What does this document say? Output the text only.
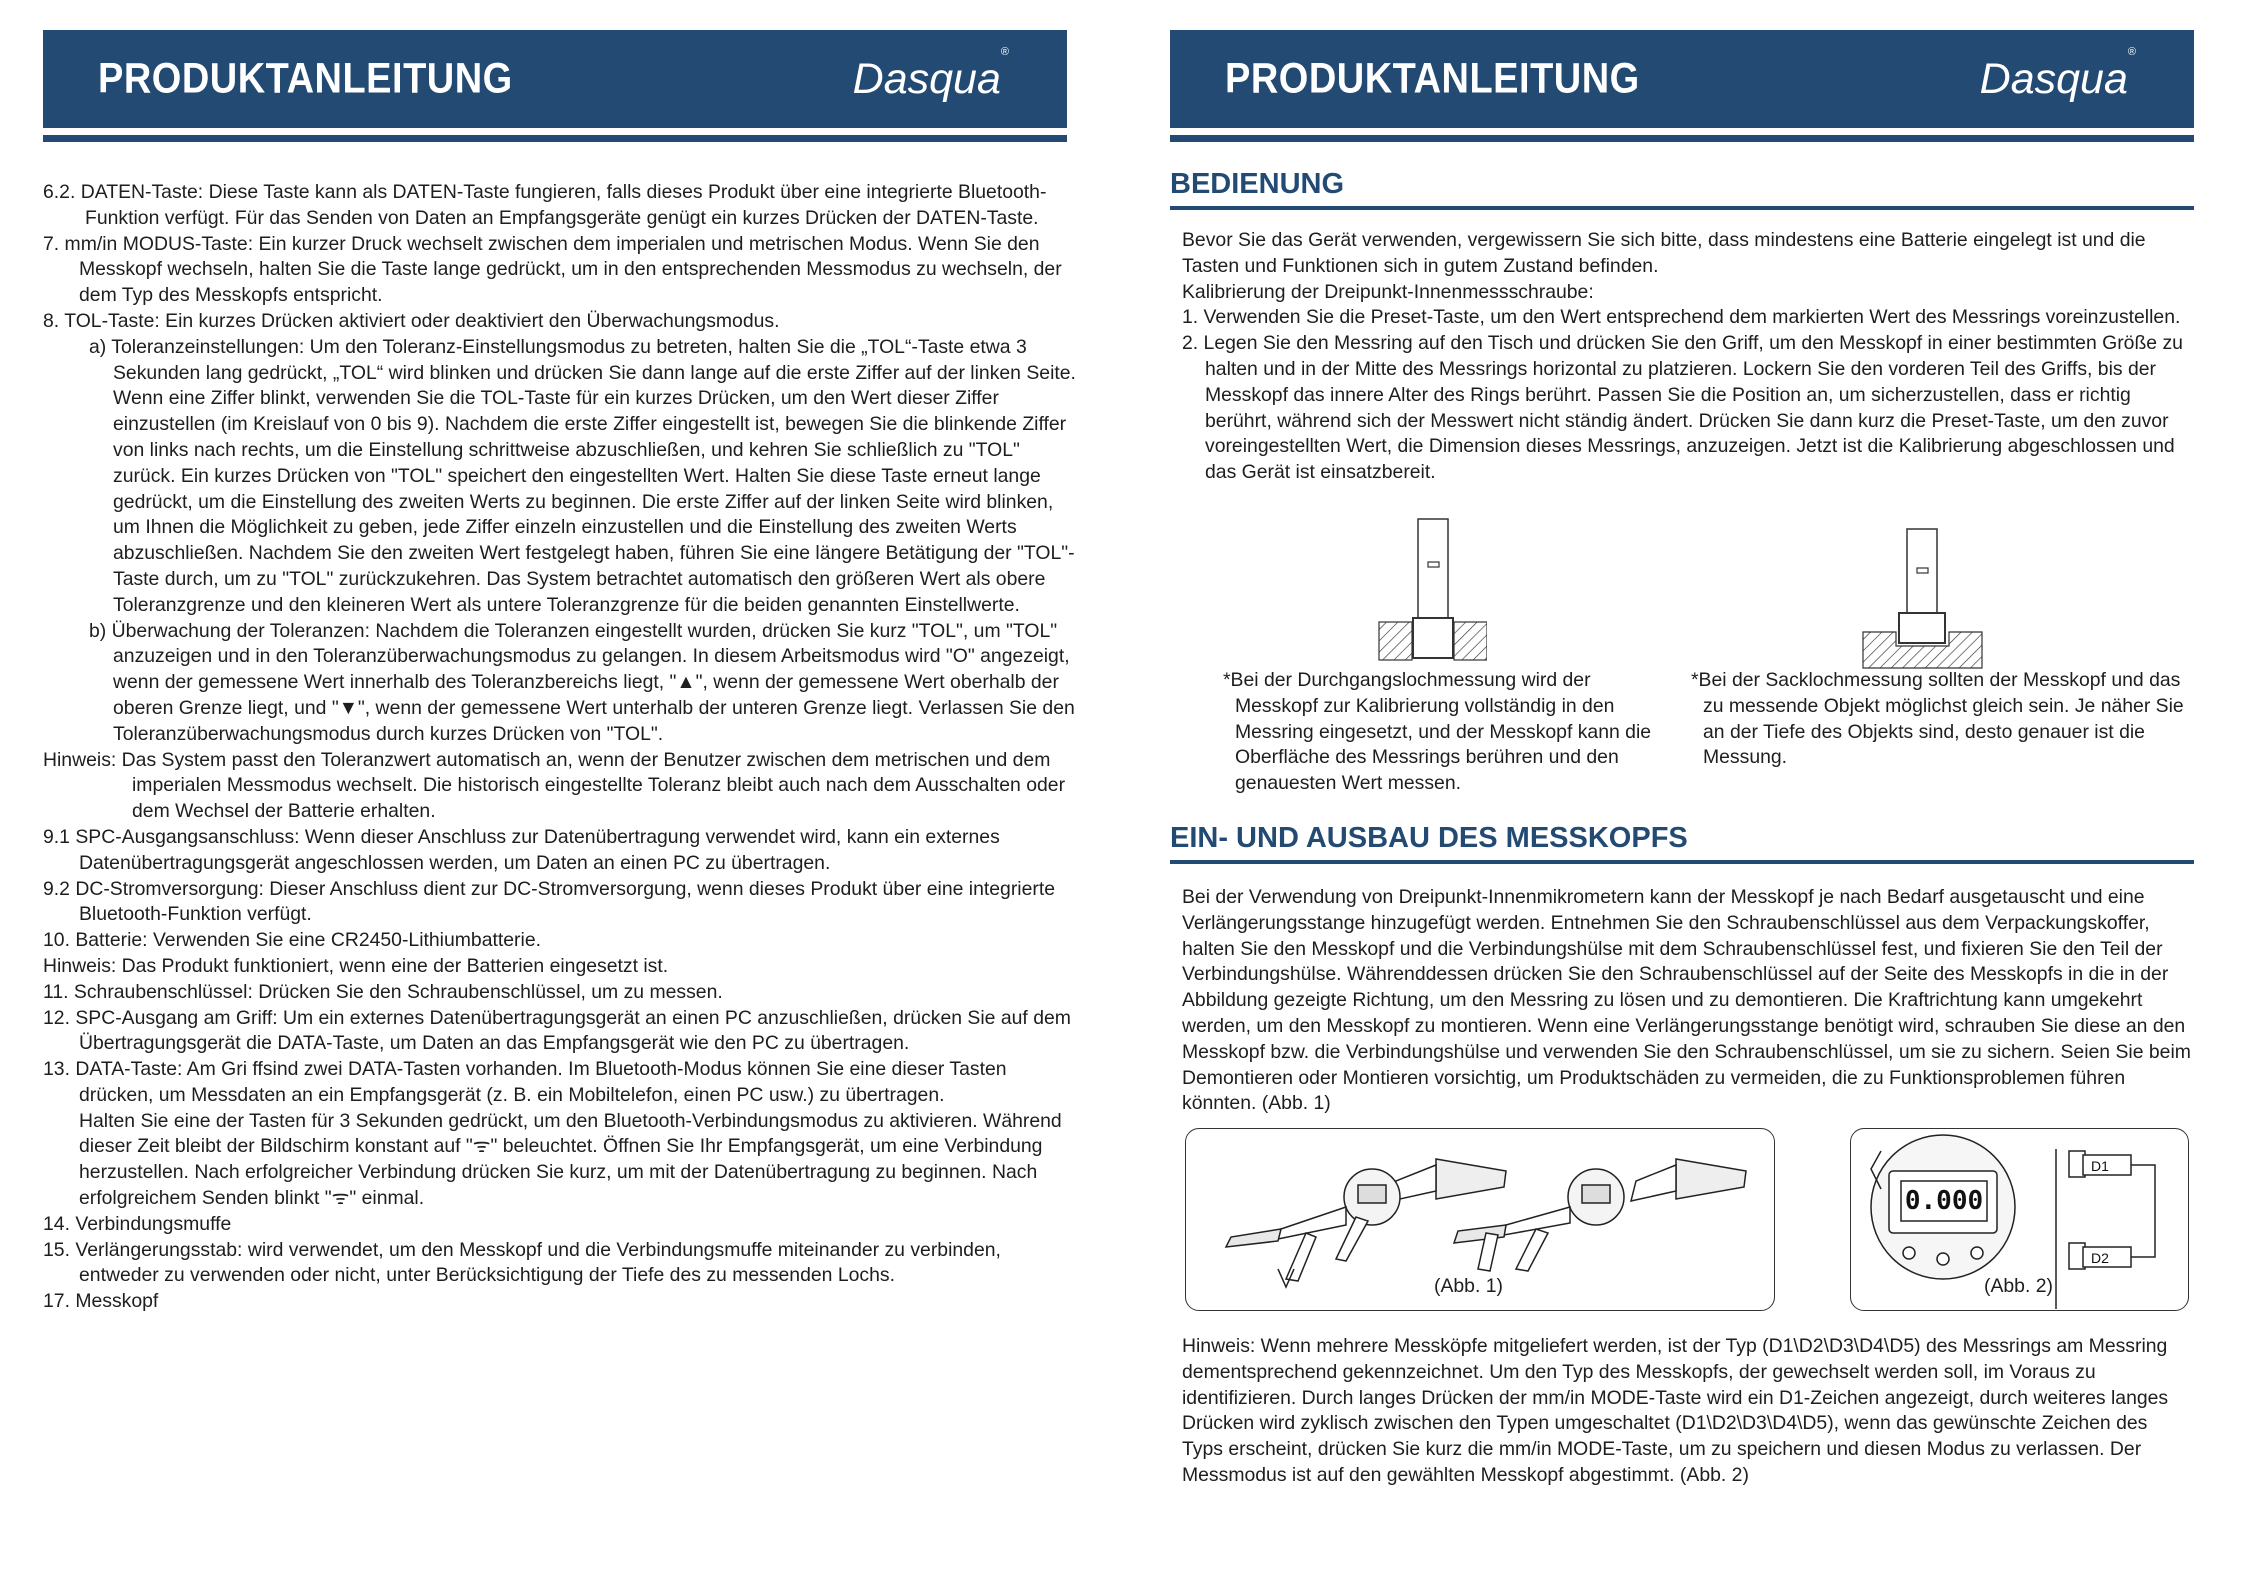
PRODUKTANLEITUNG	Dasqua®

6.2. DATEN-Taste: Diese Taste kann als DATEN-Taste fungieren, falls dieses Produkt über eine integrierte Bluetooth-Funktion verfügt. Für das Senden von Daten an Empfangsgeräte genügt ein kurzes Drücken der DATEN-Taste.

7. mm/in MODUS-Taste: Ein kurzer Druck wechselt zwischen dem imperialen und metrischen Modus. Wenn Sie den Messkopf wechseln, halten Sie die Taste lange gedrückt, um in den entsprechenden Messmodus zu wechseln, der dem Typ des Messkopfs entspricht.

8. TOL-Taste: Ein kurzes Drücken aktiviert oder deaktiviert den Überwachungsmodus.

a) Toleranzeinstellungen: Um den Toleranz-Einstellungsmodus zu betreten, halten Sie die „TOL“-Taste etwa 3 Sekunden lang gedrückt, „TOL“ wird blinken und drücken Sie dann lange auf die erste Ziffer auf der linken Seite. Wenn eine Ziffer blinkt, verwenden Sie die TOL-Taste für ein kurzes Drücken, um den Wert dieser Ziffer einzustellen (im Kreislauf von 0 bis 9). Nachdem die erste Ziffer eingestellt ist, bewegen Sie die blinkende Ziffer von links nach rechts, um die Einstellung schrittweise abzuschließen, und kehren Sie schließlich zu "TOL" zurück. Ein kurzes Drücken von "TOL" speichert den eingestellten Wert. Halten Sie diese Taste erneut lange gedrückt, um die Einstellung des zweiten Werts zu beginnen. Die erste Ziffer auf der linken Seite wird blinken, um Ihnen die Möglichkeit zu geben, jede Ziffer einzeln einzustellen und die Einstellung des zweiten Werts abzuschließen. Nachdem Sie den zweiten Wert festgelegt haben, führen Sie eine längere Betätigung der "TOL"-Taste durch, um zu "TOL" zurückzukehren. Das System betrachtet automatisch den größeren Wert als obere Toleranzgrenze und den kleineren Wert als untere Toleranzgrenze für die beiden genannten Einstellwerte.

b) Überwachung der Toleranzen: Nachdem die Toleranzen eingestellt wurden, drücken Sie kurz "TOL", um "TOL" anzuzeigen und in den Toleranzüberwachungsmodus zu gelangen. In diesem Arbeitsmodus wird "O" angezeigt, wenn der gemessene Wert innerhalb des Toleranzbereichs liegt, "▲", wenn der gemessene Wert oberhalb der oberen Grenze liegt, und "▼", wenn der gemessene Wert unterhalb der unteren Grenze liegt. Verlassen Sie den Toleranzüberwachungsmodus durch kurzes Drücken von "TOL".

Hinweis: Das System passt den Toleranzwert automatisch an, wenn der Benutzer zwischen dem metrischen und dem imperialen Messmodus wechselt. Die historisch eingestellte Toleranz bleibt auch nach dem Ausschalten oder dem Wechsel der Batterie erhalten.

9.1 SPC-Ausgangsanschluss: Wenn dieser Anschluss zur Datenübertragung verwendet wird, kann ein externes Datenübertragungsgerät angeschlossen werden, um Daten an einen PC zu übertragen.

9.2 DC-Stromversorgung: Dieser Anschluss dient zur DC-Stromversorgung, wenn dieses Produkt über eine integrierte Bluetooth-Funktion verfügt.

10. Batterie: Verwenden Sie eine CR2450-Lithiumbatterie.

Hinweis: Das Produkt funktioniert, wenn eine der Batterien eingesetzt ist.

11. Schraubenschlüssel: Drücken Sie den Schraubenschlüssel, um zu messen.

12. SPC-Ausgang am Griff: Um ein externes Datenübertragungsgerät an einen PC anzuschließen, drücken Sie auf dem Übertragungsgerät die DATA-Taste, um Daten an das Empfangsgerät wie den PC zu übertragen.

13. DATA-Taste: Am Gri ffsind zwei DATA-Tasten vorhanden. Im Bluetooth-Modus können Sie eine dieser Tasten drücken, um Messdaten an ein Empfangsgerät (z. B. ein Mobiltelefon, einen PC usw.) zu übertragen.

Halten Sie eine der Tasten für 3 Sekunden gedrückt, um den Bluetooth-Verbindungsmodus zu aktivieren. Während dieser Zeit bleibt der Bildschirm konstant auf "ᯤ" beleuchtet. Öffnen Sie Ihr Empfangsgerät, um eine Verbindung herzustellen. Nach erfolgreicher Verbindung drücken Sie kurz, um mit der Datenübertragung zu beginnen. Nach erfolgreichem Senden blinkt "ᯤ" einmal.

14. Verbindungsmuffe

15. Verlängerungsstab: wird verwendet, um den Messkopf und die Verbindungsmuffe miteinander zu verbinden, entweder zu verwenden oder nicht, unter Berücksichtigung der Tiefe des zu messenden Lochs.

17. Messkopf

PRODUKTANLEITUNG	Dasqua®
BEDIENUNG

Bevor Sie das Gerät verwenden, vergewissern Sie sich bitte, dass mindestens eine Batterie eingelegt ist und die Tasten und Funktionen sich in gutem Zustand befinden.

Kalibrierung der Dreipunkt-Innenmessschraube:

1. Verwenden Sie die Preset-Taste, um den Wert entsprechend dem markierten Wert des Messrings voreinzustellen.

2. Legen Sie den Messring auf den Tisch und drücken Sie den Griff, um den Messkopf in einer bestimmten Größe zu halten und in der Mitte des Messrings horizontal zu platzieren. Lockern Sie den vorderen Teil des Griffs, bis der Messkopf das innere Alter des Rings berührt. Passen Sie die Position an, um sicherzustellen, dass er richtig berührt, während sich der Messwert nicht ständig ändert. Drücken Sie dann kurz die Preset-Taste, um den zuvor voreingestellten Wert, die Dimension dieses Messrings, anzuzeigen. Jetzt ist die Kalibrierung abgeschlossen und das Gerät ist einsatzbereit.

*Bei der Durchgangslochmessung wird der Messkopf zur Kalibrierung vollständig in den Messring eingesetzt, und der Messkopf kann die Oberfläche des Messrings berühren und den genauesten Wert messen.

*Bei der Sacklochmessung sollten der Messkopf und das zu messende Objekt möglichst gleich sein. Je näher Sie an der Tiefe des Objekts sind, desto genauer ist die Messung.

EIN- UND AUSBAU DES MESSKOPFS

Bei der Verwendung von Dreipunkt-Innenmikrometern kann der Messkopf je nach Bedarf ausgetauscht und eine Verlängerungsstange hinzugefügt werden. Entnehmen Sie den Schraubenschlüssel aus dem Verpackungskoffer, halten Sie den Messkopf und die Verbindungshülse mit dem Schraubenschlüssel fest, und fixieren Sie den Teil der Verbindungshülse. Währenddessen drücken Sie den Schraubenschlüssel auf der Seite des Messkopfs in die in der Abbildung gezeigte Richtung, um den Messring zu lösen und zu demontieren. Die Kraftrichtung kann umgekehrt werden, um den Messkopf zu montieren. Wenn eine Verlängerungsstange benötigt wird, schrauben Sie diese an den Messkopf bzw. die Verbindungshülse und verwenden Sie den Schraubenschlüssel, um sie zu sichern. Seien Sie beim Demontieren oder Montieren vorsichtig, um Produktschäden zu vermeiden, die zu Funktionsproblemen führen könnten. (Abb. 1)

Hinweis: Wenn mehrere Messköpfe mitgeliefert werden, ist der Typ (D1\D2\D3\D4\D5) des Messrings am Messring dementsprechend gekennzeichnet. Um den Typ des Messkopfs, der gewechselt werden soll, im Voraus zu identifizieren. Durch langes Drücken der mm/in MODE-Taste wird ein D1-Zeichen angezeigt, durch weiteres langes Drücken wird zyklisch zwischen den Typen umgeschaltet (D1\D2\D3\D4\D5), wenn das gewünschte Zeichen des Typs erscheint, drücken Sie kurz die mm/in MODE-Taste, um zu speichern und diesen Modus zu verlassen. Der Messmodus ist auf den gewählten Messkopf abgestimmt. (Abb. 2)

(Abb. 1)
0.000
D1
D2
(Abb. 2)
